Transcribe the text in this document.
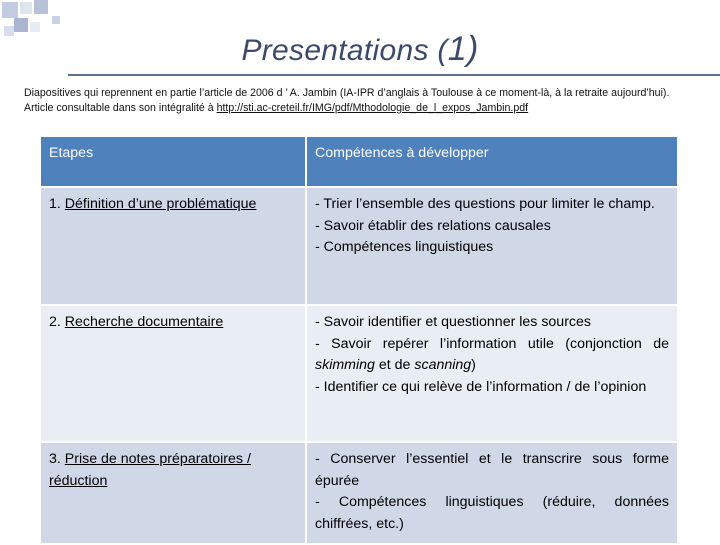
Presentations (1)
Diapositives qui reprennent en partie l’article de 2006 d ’ A. Jambin (IA-IPR d’anglais à Toulouse à ce moment-là, à la retraite aujourd’hui).
Article consultable dans son intégralité à http://sti.ac-creteil.fr/IMG/pdf/Mthodologie_de_l_expos_Jambin.pdf
Etapes	Compétences à développer
1. Définition d’une problématique	- Trier l’ensemble des questions pour limiter le champ.
- Savoir établir des relations causales
- Compétences linguistiques

2. Recherche documentaire	- Savoir identifier et questionner les sources
- Savoir repérer l’information utile (conjonction de skimming et de scanning)
- Identifier ce qui relève de l’information / de l’opinion

3. Prise de notes préparatoires / réduction	- Conserver l’essentiel et le transcrire sous forme épurée
- Compétences linguistiques (réduire, données chiffrées, etc.)
